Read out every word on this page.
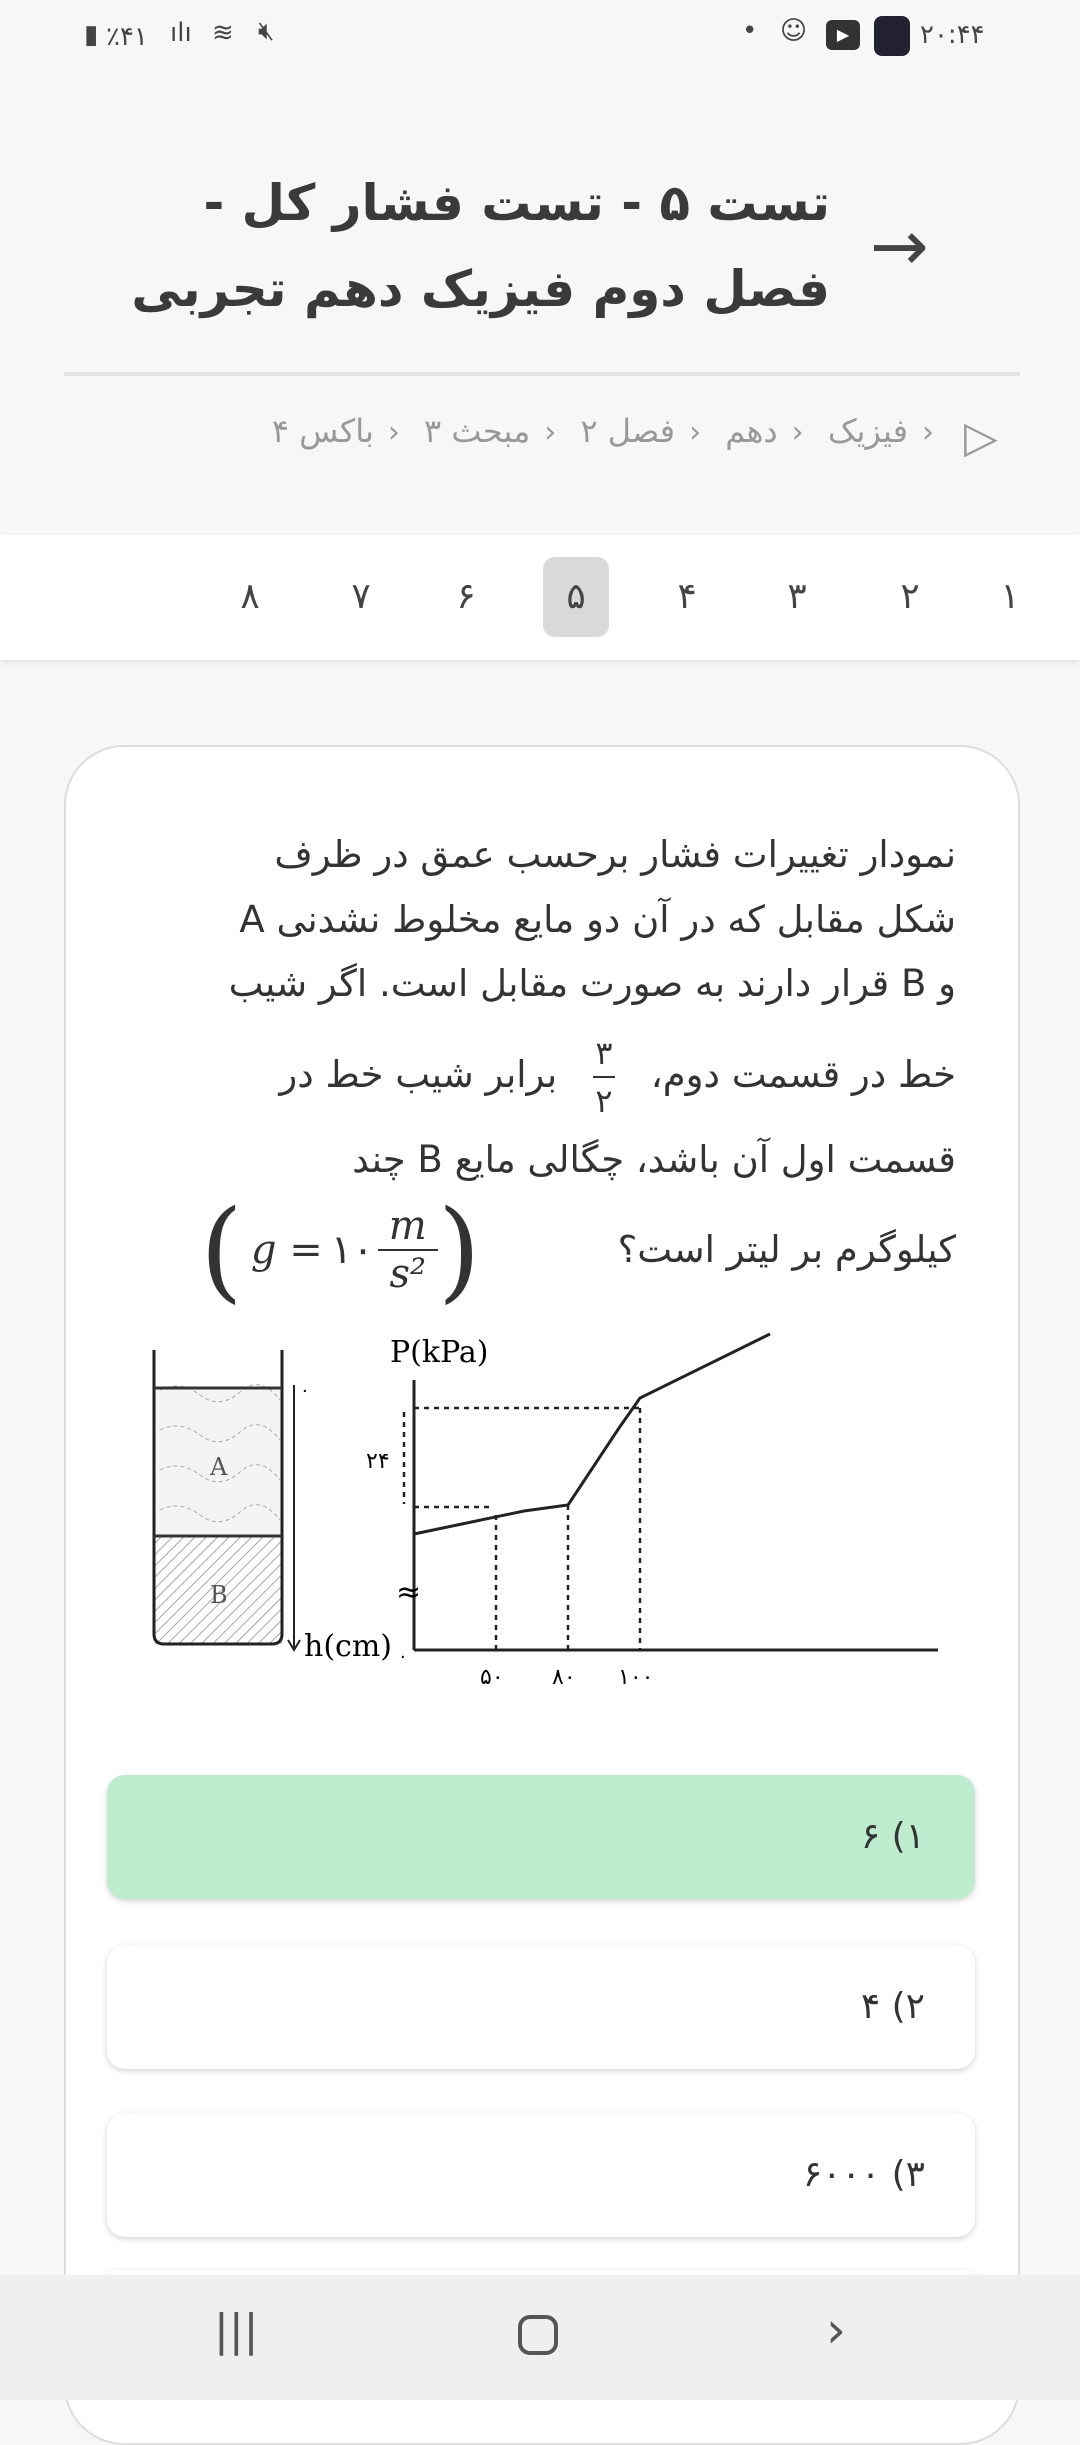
▮ ٪۴۱ ılı ≋ 🔇︎	• ☺	▶	۲۰:۴۴
تست ۵ - تست فشار کل -
فصل دوم فیزیک دهم تجربی
→
▷
‹فیزیک ‹دهم ‹فصل ۲ ‹مبحث ۳ ‹باکس ۴
۱
۲
۳
۴
۵
۶
۷
۸
نمودار تغییرات فشار برحسب عمق در ظرف
شکل مقابل که در آن دو مایع مخلوط نشدنی A
و B قرار دارند به صورت مقابل است. اگر شیب
خط در قسمت دوم،
$\frac{۳}{۲}$
برابر شیب خط در
قسمت اول آن باشد، چگالی مایع B چند
کیلوگرم بر لیتر است؟
( g = ۱۰
m
s² )
۰
A
B
h(cm)
P(kPa)
۰
≈
۲۴
۵۰ ۸۰ ۱۰۰
۱) ۶
۲) ۴
۳) ۶۰۰۰
|||	›
